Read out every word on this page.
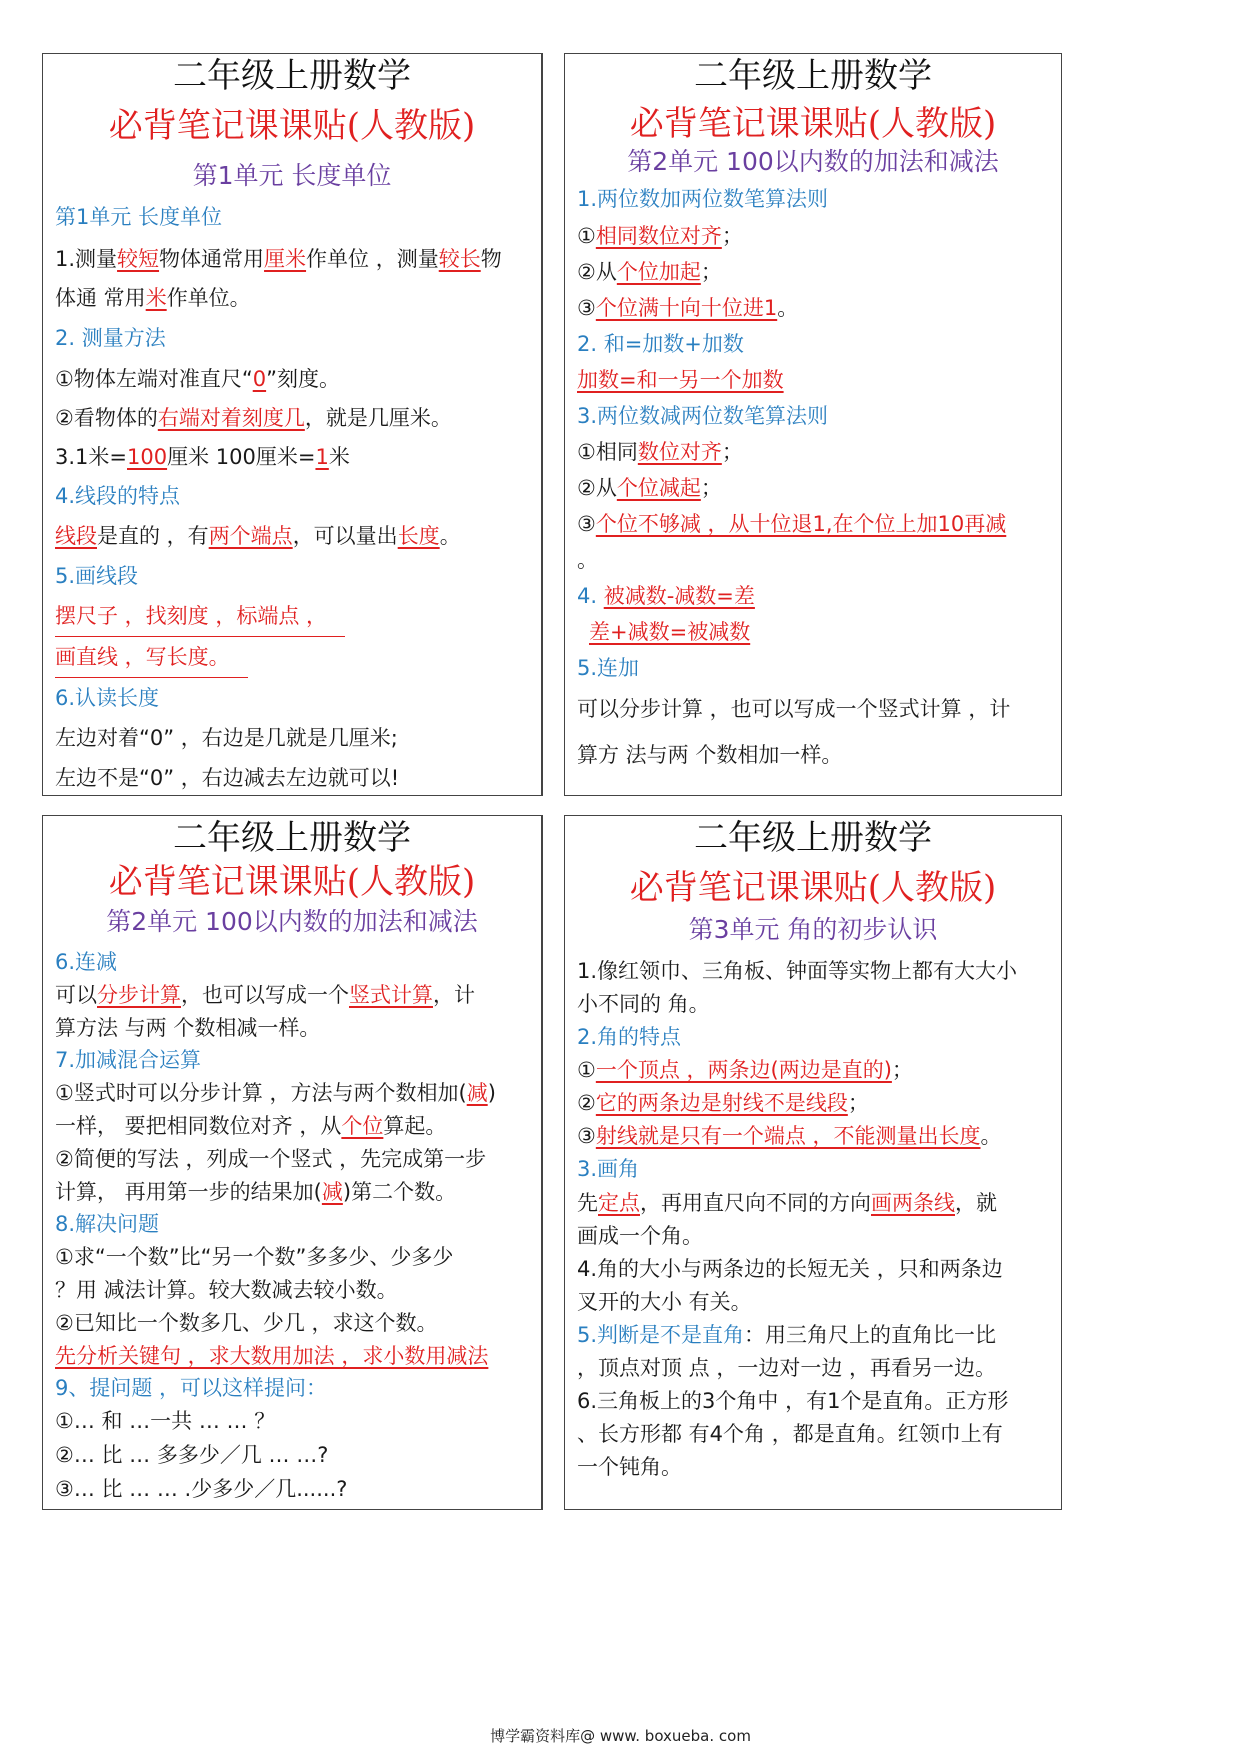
二年级上册数学
必背笔记课课贴(人教版)
第1单元 长度单位
第1单元 长度单位
1.测量较短物体通常用厘米作单位 ，测量较长物
体通 常用米作单位。
2. 测量方法
①物体左端对准直尺“0”刻度。
②看物体的右端对着刻度几，就是几厘米。
3.1米=100厘米 100厘米=1米
4.线段的特点
线段是直的 ，有两个端点，可以量出长度。
5.画线段
摆尺子 ，找刻度 ，标端点 ，
画直线 ，写长度。
6.认读长度
左边对着“0” ，右边是几就是几厘米;
左边不是“0” ，右边减去左边就可以!
二年级上册数学
必背笔记课课贴(人教版)
第2单元 100以内数的加法和减法
1.两位数加两位数笔算法则
①相同数位对齐；
②从个位加起；
③个位满十向十位进1。
2. 和=加数+加数
加数=和一另一个加数
3.两位数减两位数笔算法则
①相同数位对齐；
②从个位减起；
③个位不够减 ，从十位退1,在个位上加10再减
。
4. 被减数-减数=差
差+减数=被减数
5.连加
可以分步计算 ，也可以写成一个竖式计算 ，计
算方 法与两 个数相加一样。
二年级上册数学
必背笔记课课贴(人教版)
第2单元 100以内数的加法和减法
6.连减
可以分步计算，也可以写成一个竖式计算，计
算方法 与两 个数相减一样。
7.加减混合运算
①竖式时可以分步计算 ，方法与两个数相加(减)
一样， 要把相同数位对齐 ，从个位算起。
②简便的写法 ，列成一个竖式 ，先完成第一步
计算， 再用第一步的结果加(减)第二个数。
8.解决问题
①求“一个数”比“另一个数”多多少、少多少
？用 减法计算。较大数减去较小数。
②已知比一个数多几、少几 ，求这个数。
先分析关键句 ，求大数用加法 ，求小数用减法
9、提问题 ，可以这样提问：
①… 和 …一共 … … ？
②… 比 … 多多少／几 … …?
③… 比 … … .少多少／几......?
二年级上册数学
必背笔记课课贴(人教版)
第3单元 角的初步认识
1.像红领巾、三角板、钟面等实物上都有大大小
小不同的 角。
2.角的特点
①一个顶点 ，两条边(两边是直的)；
②它的两条边是射线不是线段；
③射线就是只有一个端点 ，不能测量出长度。
3.画角
先定点，再用直尺向不同的方向画两条线，就
画成一个角。
4.角的大小与两条边的长短无关 ，只和两条边
叉开的大小 有关。
5.判断是不是直角：用三角尺上的直角比一比
，顶点对顶 点 ，一边对一边 ，再看另一边。
6.三角板上的3个角中 ，有1个是直角。正方形
、长方形都 有4个角 ，都是直角。红领巾上有
一个钝角。
博学霸资料库@ www. boxueba. com
